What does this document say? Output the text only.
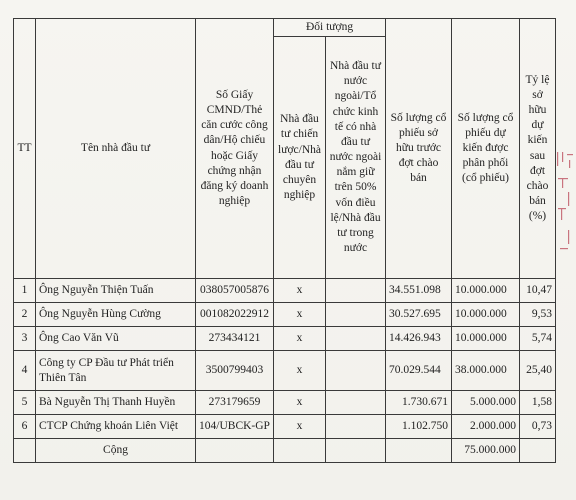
TT	Tên nhà đầu tư	Số Giấy CMND/Thẻ căn cước công dân/Hộ chiếu hoặc Giấy chứng nhận đăng ký doanh nghiệp	Đối tượng		Số lượng cổ phiếu sở hữu trước đợt chào bán	Số lượng cổ phiếu dự kiến được phân phối (cổ phiếu)	Tỷ lệ sở hữu dự kiến sau đợt chào bán (%)
			Nhà đầu tư chiến lược/Nhà đầu tư chuyên nghiệp	Nhà đầu tư nước ngoài/Tổ chức kinh tế có nhà đầu tư nước ngoài nắm giữ trên 50% vốn điều lệ/Nhà đầu tư trong nước			
1	Ông Nguyễn Thiện Tuấn	038057005876	x		34.551.098	10.000.000	10,47
2	Ông Nguyễn Hùng Cường	001082022912	x		30.527.695	10.000.000	9,53
3	Ông Cao Văn Vũ	273434121	x		14.426.943	10.000.000	5,74
4	Công ty CP Đầu tư Phát triển Thiên Tân	3500799403	x		70.029.544	38.000.000	25,40
5	Bà Nguyễn Thị Thanh Huyền	273179659	x		1.730.671	5.000.000	1,58
6	CTCP Chứng khoán Liên Việt	104/UBCK-GP	x		1.102.750	2.000.000	0,73
	Cộng					75.000.000	
